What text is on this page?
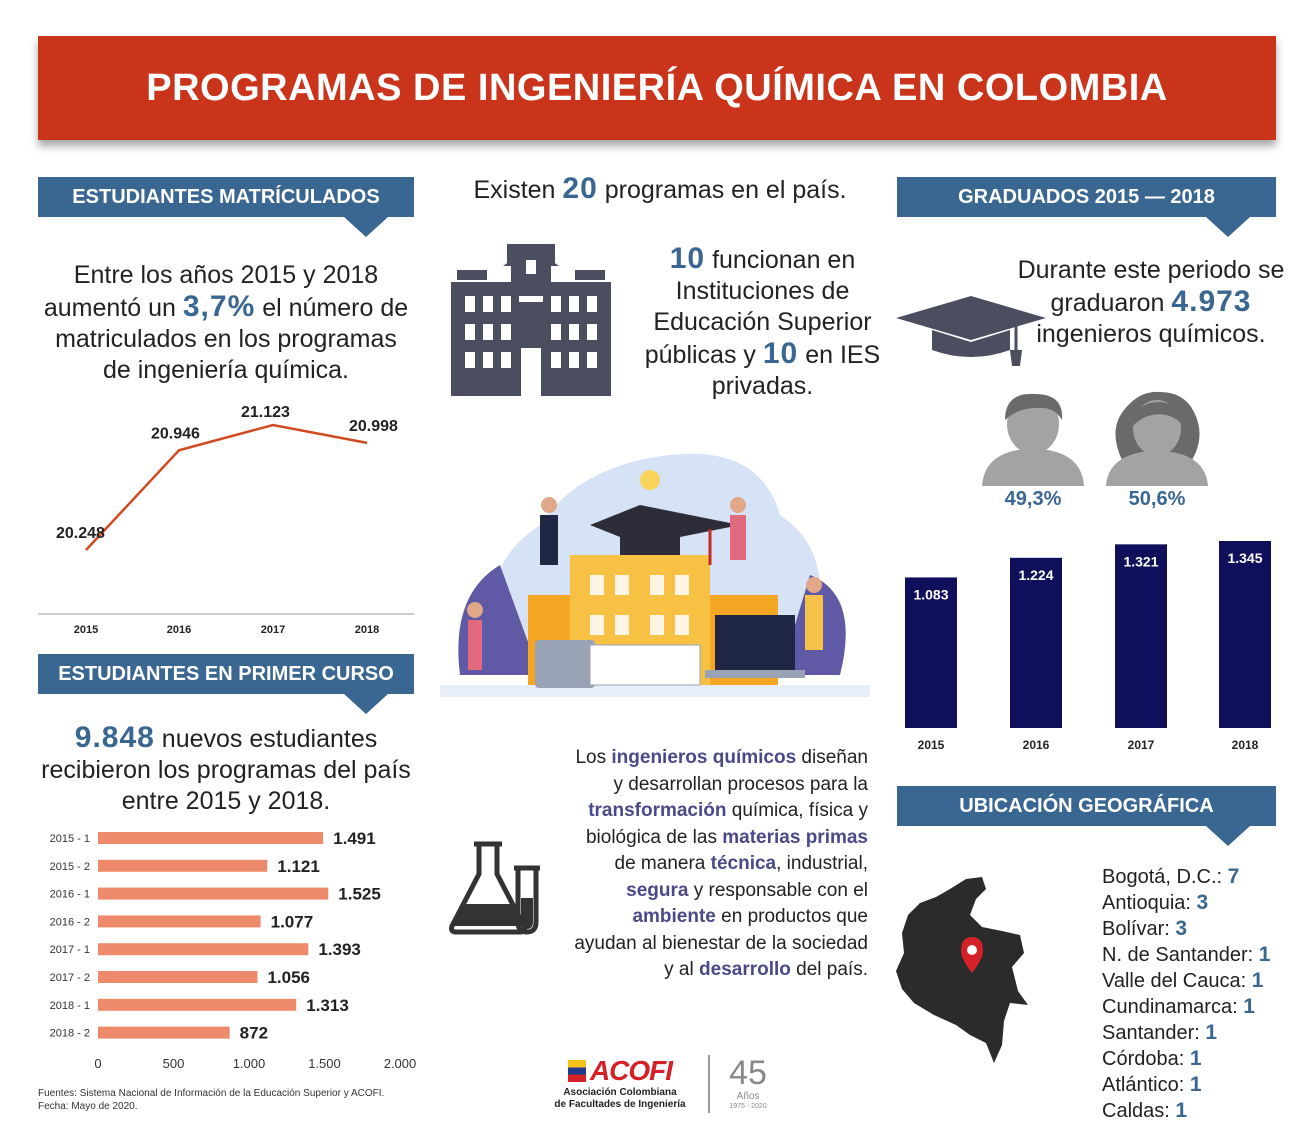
PROGRAMAS DE INGENIERÍA QUÍMICA EN COLOMBIA
ESTUDIANTES MATRÍCULADOS
Entre los años 2015 y 2018 aumentó un 3,7% el número de matriculados en los programas de ingeniería química.
20.248
2015
20.946
2016
21.123
2017
20.998
2018
ESTUDIANTES EN PRIMER CURSO
9.848 nuevos estudiantes recibieron los programas del país entre 2015 y 2018.
2015 - 1	1.491
2015 - 2	1.121
2016 - 1	1.525
2016 - 2	1.077
2017 - 1	1.393
2017 - 2	1.056
2018 - 1	1.313
2018 - 2	872
0	500	1.000	1.500	2.000
Fuentes: Sistema Nacional de Información de la Educación Superior y ACOFI.
Fecha: Mayo de 2020.
Existen 20 programas en el país.
10 funcionan en Instituciones de Educación Superior públicas y 10 en IES privadas.
Los ingenieros químicos diseñan y desarrollan procesos para la transformación química, física y biológica de las materias primas de manera técnica, industrial, segura y responsable con el ambiente en productos que ayudan al bienestar de la sociedad y al desarrollo del país.
ACOFI
Asociación Colombiana
de Facultades de Ingeniería
45
Años
1975 - 2020
GRADUADOS 2015 — 2018
Durante este periodo se graduaron 4.973 ingenieros químicos.
49,3%	50,6%
1.083
2015
1.224
2016
1.321
2017
1.345
2018
UBICACIÓN GEOGRÁFICA
Bogotá, D.C.: 7
Antioquia: 3
Bolívar: 3
N. de Santander: 1
Valle del Cauca: 1
Cundinamarca: 1
Santander: 1
Córdoba: 1
Atlántico: 1
Caldas: 1
